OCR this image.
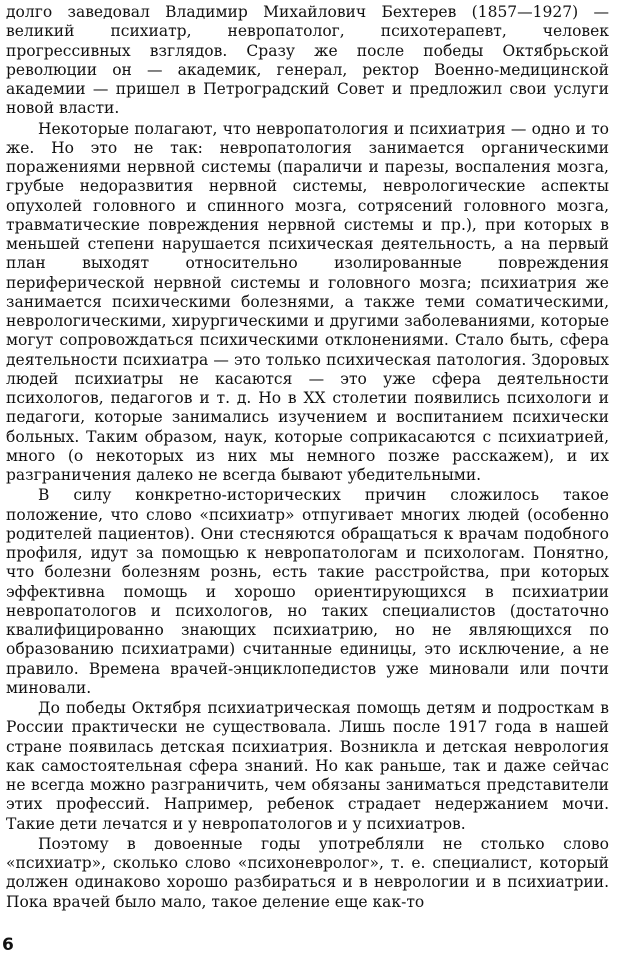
долго заведовал Владимир Михайлович Бехтерев (1857—1927) — великий психиатр, невропатолог, психотерапевт, человек прогрессивных взглядов. Сразу же после победы Октябрьской революции он — академик, генерал, ректор Военно-медицинской академии — пришел в Петроградский Совет и предложил свои услуги новой власти.

Некоторые полагают, что невропатология и психиатрия — одно и то же. Но это не так: невропатология занимается органическими поражениями нервной системы (параличи и парезы, воспаления мозга, грубые недоразвития нервной системы, неврологические аспекты опухолей головного и спинного мозга, сотрясений головного мозга, травматические повреждения нервной системы и пр.), при которых в меньшей степени нарушается психическая деятельность, а на первый план выходят относительно изолированные повреждения периферической нервной системы и головного мозга; психиатрия же занимается психическими болезнями, а также теми соматическими, неврологическими, хирургическими и другими заболеваниями, которые могут сопровождаться психическими отклонениями. Стало быть, сфера деятельности психиатра — это только психическая патология. Здоровых людей психиатры не касаются — это уже сфера деятельности психологов, педагогов и т. д. Но в XX столетии появились психологи и педагоги, которые занимались изучением и воспитанием психически больных. Таким образом, наук, которые соприкасаются с психиатрией, много (о некоторых из них мы немного позже расскажем), и их разграничения далеко не всегда бывают убедительными.

В силу конкретно-исторических причин сложилось такое положение, что слово «психиатр» отпугивает многих людей (особенно родителей пациентов). Они стесняются обращаться к врачам подобного профиля, идут за помощью к невропатологам и психологам. Понятно, что болезни болезням рознь, есть такие расстройства, при которых эффективна помощь и хорошо ориентирующихся в психиатрии невропатологов и психологов, но таких специалистов (достаточно квалифицированно знающих психиатрию, но не являющихся по образованию психиатрами) считанные единицы, это исключение, а не правило. Времена врачей-энциклопедистов уже миновали или почти миновали.

До победы Октября психиатрическая помощь детям и подросткам в России практически не существовала. Лишь после 1917 года в нашей стране появилась детская психиатрия. Возникла и детская неврология как самостоятельная сфера знаний. Но как раньше, так и даже сейчас не всегда можно разграничить, чем обязаны заниматься представители этих профессий. Например, ребенок страдает недержанием мочи. Такие дети лечатся и у невропатологов и у психиатров.

Поэтому в довоенные годы употребляли не столько слово «психиатр», сколько слово «психоневролог», т. е. специалист, который должен одинаково хорошо разбираться и в неврологии и в психиатрии. Пока врачей было мало, такое деление еще как-то

6
